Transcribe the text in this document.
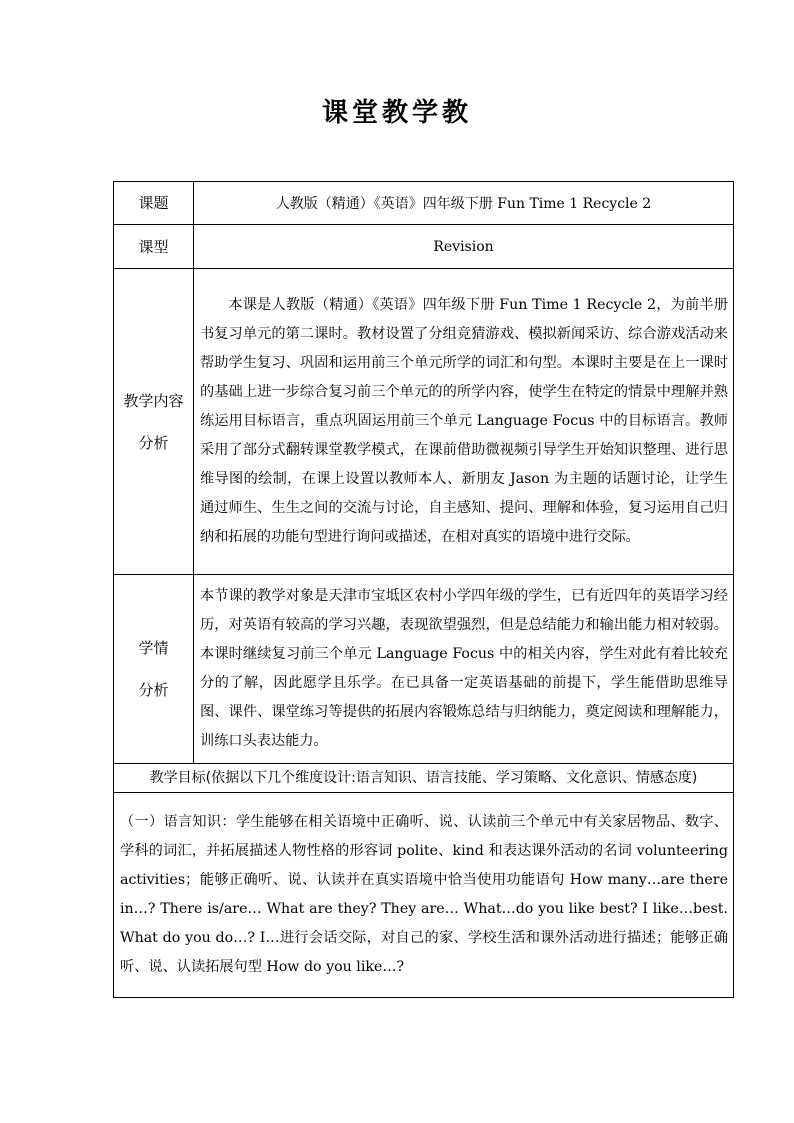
课堂教学教
课题	人教版（精通）《英语》四年级下册 Fun Time 1 Recycle 2
课型	Revision

教学内容
分析	本课是人教版（精通）《英语》四年级下册 Fun Time 1 Recycle 2，为前半册书复习单元的第二课时。教材设置了分组竞猜游戏、模拟新闻采访、综合游戏活动来帮助学生复习、巩固和运用前三个单元所学的词汇和句型。本课时主要是在上一课时的基础上进一步综合复习前三个单元的的所学内容，使学生在特定的情景中理解并熟练运用目标语言，重点巩固运用前三个单元 Language Focus 中的目标语言。教师采用了部分式翻转课堂教学模式，在课前借助微视频引导学生开始知识整理、进行思维导图的绘制，在课上设置以教师本人、新朋友 Jason 为主题的话题讨论，让学生通过师生、生生之间的交流与讨论，自主感知、提问、理解和体验，复习运用自己归纳和拓展的功能句型进行询问或描述，在相对真实的语境中进行交际。

学情
分析	本节课的教学对象是天津市宝坻区农村小学四年级的学生，已有近四年的英语学习经历，对英语有较高的学习兴趣，表现欲望强烈，但是总结能力和输出能力相对较弱。本课时继续复习前三个单元 Language Focus 中的相关内容，学生对此有着比较充分的了解，因此愿学且乐学。在已具备一定英语基础的前提下，学生能借助思维导图、课件、课堂练习等提供的拓展内容锻炼总结与归纳能力，奠定阅读和理解能力，训练口头表达能力。
教学目标(依据以下几个维度设计:语言知识、语言技能、学习策略、文化意识、情感态度)	
（一）语言知识：学生能够在相关语境中正确听、说、认读前三个单元中有关家居物品、数字、学科的词汇，并拓展描述人物性格的形容词 polite、kind 和表达课外活动的名词 volunteering activities；能够正确听、说、认读并在真实语境中恰当使用功能语句 How many…are there in…? There is/are… What are they? They are… What…do you like best? I like…best. What do you do…? I…进行会话交际，对自己的家、学校生活和课外活动进行描述；能够正确听、说、认读拓展句型 How do you like…?	
